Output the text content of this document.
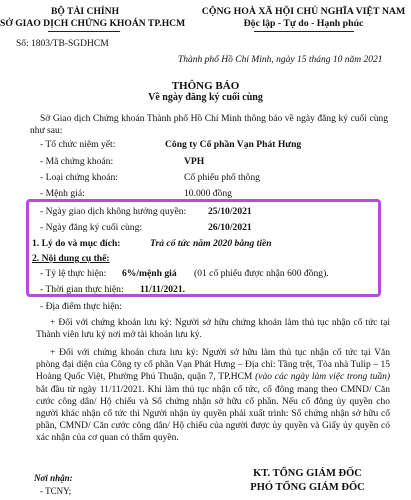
BỘ TÀI CHÍNH
SỞ GIAO DỊCH CHỨNG KHOÁN TP.HCM
Số: 1803/TB-SGDHCM
CỘNG HOÀ XÃ HỘI CHỦ NGHĨA VIỆT NAM
Độc lập - Tự do - Hạnh phúc
Thành phố Hồ Chí Minh, ngày 15 tháng 10 năm 2021
THÔNG BÁO
Về ngày đăng ký cuối cùng
Sở Giao dịch Chứng khoán Thành phố Hồ Chí Minh thông báo về ngày đăng ký cuối cùng như sau:
- Tổ chức niêm yết:	Công ty Cổ phần Vạn Phát Hưng
- Mã chứng khoán:	VPH
- Loại chứng khoán:	Cổ phiếu phổ thông
- Mệnh giá:	10.000 đồng
- Ngày giao dịch không hưởng quyền: 25/10/2021
- Ngày đăng ký cuối cùng:	26/10/2021
1. Lý do và mục đích:	Trả cổ tức năm 2020 bằng tiền
2. Nội dung cụ thể:
- Tỷ lệ thực hiện: 6%/mệnh giá (01 cổ phiếu được nhận 600 đồng).
- Thời gian thực hiện: 11/11/2021.
- Địa điểm thực hiện:
+ Đối với chứng khoán lưu ký: Người sở hữu chứng khoán làm thủ tục nhận cổ tức tại Thành viên lưu ký nơi mở tài khoản lưu ký.
+ Đối với chứng khoán chưa lưu ký: Người sở hữu làm thủ tục nhận cổ tức tại Văn phòng đại diện của Công ty cổ phần Vạn Phát Hưng – Địa chỉ: Tầng trệt, Tòa nhà Tulip – 15 Hoàng Quốc Việt, Phường Phú Thuận, quận 7, TP.HCM (vào các ngày làm việc trong tuần) bắt đầu từ ngày 11/11/2021. Khi làm thủ tục nhận cổ tức, cổ đông mang theo CMND/ Căn cước công dân/ Hộ chiếu và Sổ chứng nhận sở hữu cổ phần. Nếu cổ đông ủy quyền cho người khác nhận cổ tức thì Người nhận ủy quyền phải xuất trình: Sổ chứng nhận sở hữu cổ phần, CMND/ Căn cước công dân/ Hộ chiếu của người được ủy quyền và Giấy ủy quyền có xác nhận của cơ quan có thẩm quyền.
Nơi nhận:
- TCNY;
KT. TỔNG GIÁM ĐỐC
PHÓ TỔNG GIÁM ĐỐC
